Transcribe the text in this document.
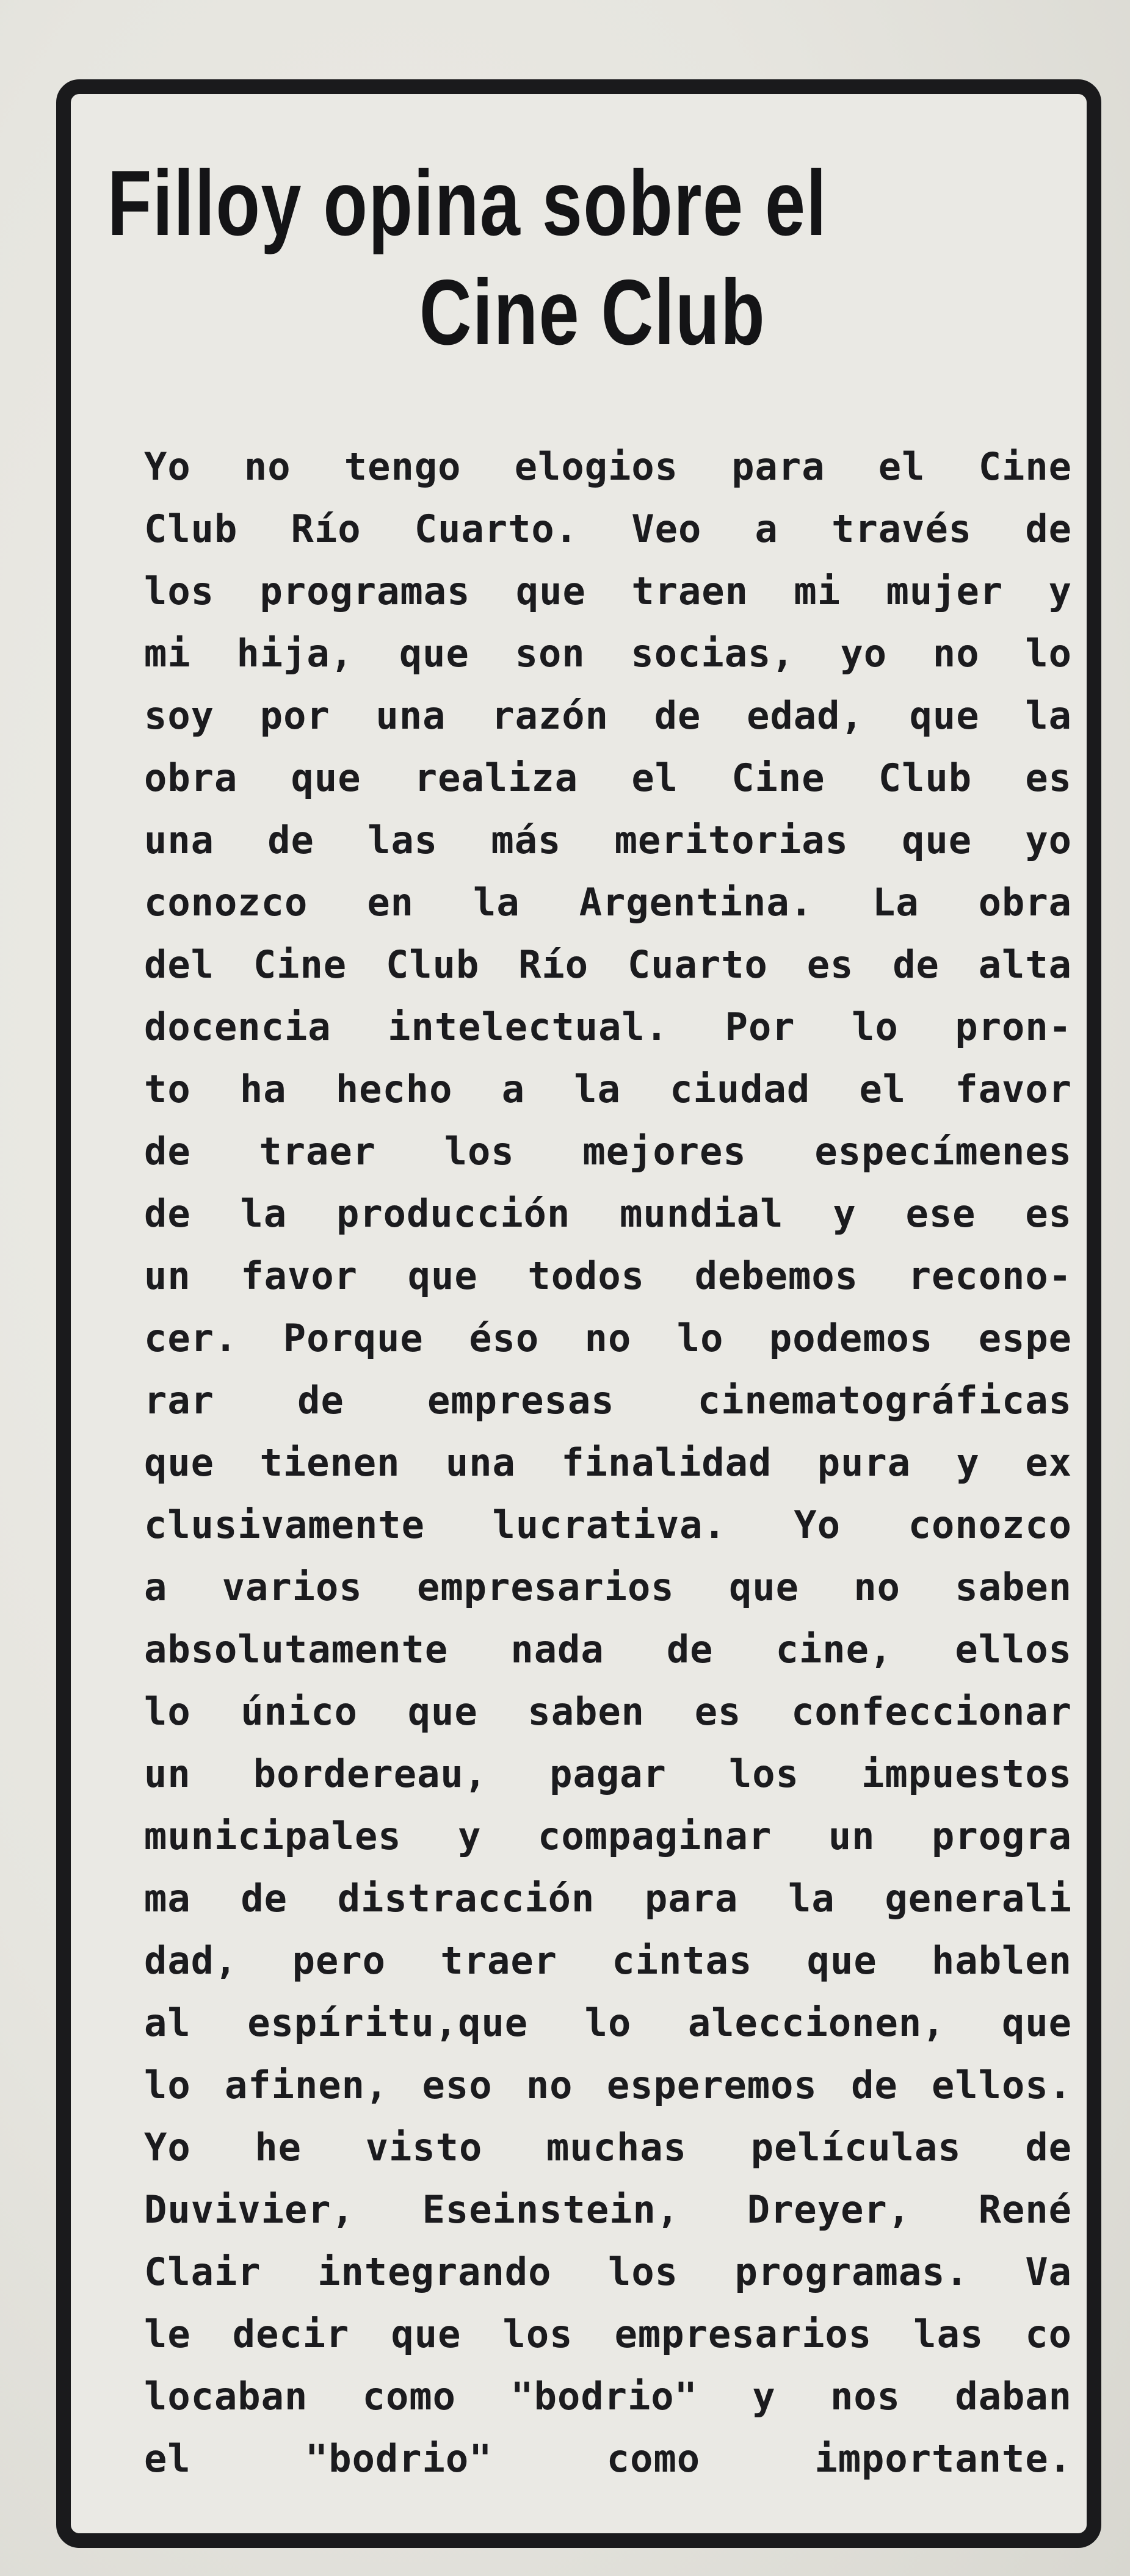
Filloy opina sobre el
Cine Club
Yo no tengo elogios para el Cine
Club Río Cuarto. Veo a través de
los programas que traen mi mujer y
mi hija, que son socias, yo no lo
soy por una razón de edad, que la
obra que realiza el Cine Club es
una de las más meritorias que yo
conozco en la Argentina. La obra
del Cine Club Río Cuarto es de alta
docencia intelectual. Por lo pron-
to ha hecho a la ciudad el favor
de traer los mejores especímenes
de la producción mundial y ese es
un favor que todos debemos recono-
cer. Porque éso no lo podemos espe
rar de empresas cinematográficas
que tienen una finalidad pura y ex
clusivamente lucrativa. Yo conozco
a varios empresarios que no saben
absolutamente nada de cine, ellos
lo único que saben es confeccionar
un bordereau, pagar los impuestos
municipales y compaginar un progra
ma de distracción para la generali
dad, pero traer cintas que hablen
al espíritu,que lo aleccionen, que
lo afinen, eso no esperemos de ellos.
Yo he visto muchas películas de
Duvivier, Eseinstein, Dreyer, René
Clair integrando los programas. Va
le decir que los empresarios las co
locaban como "bodrio" y nos daban
el "bodrio" como importante.
